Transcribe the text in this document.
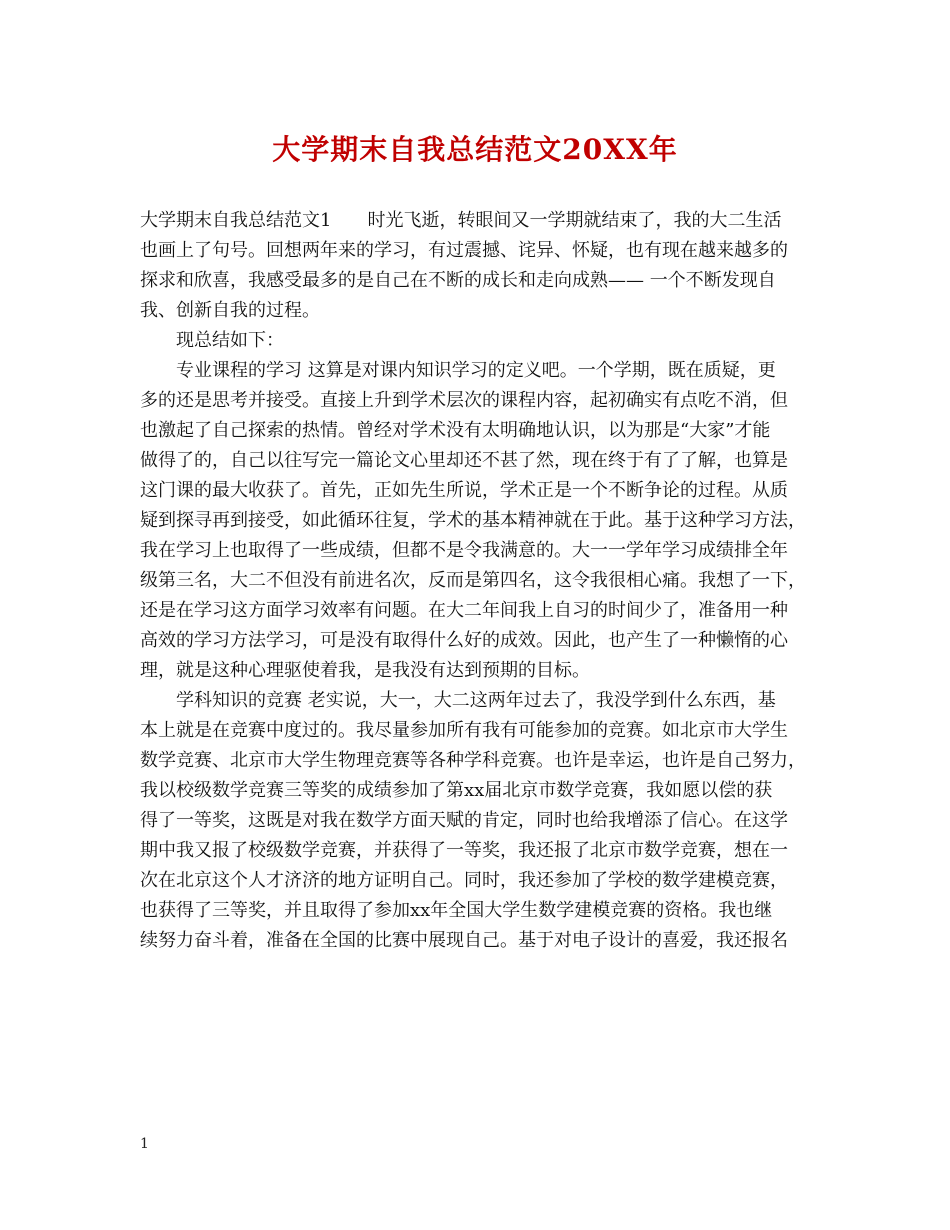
大学期末自我总结范文20XX年
大学期末自我总结范文1　　时光飞逝，转眼间又一学期就结束了，我的大二生活
也画上了句号。回想两年来的学习，有过震撼、诧异、怀疑，也有现在越来越多的
探求和欣喜，我感受最多的是自己在不断的成长和走向成熟—— 一个不断发现自
我、创新自我的过程。
现总结如下：
专业课程的学习 这算是对课内知识学习的定义吧。一个学期，既在质疑，更
多的还是思考并接受。直接上升到学术层次的课程内容，起初确实有点吃不消，但
也激起了自己探索的热情。曾经对学术没有太明确地认识，以为那是“大家”才能
做得了的，自己以往写完一篇论文心里却还不甚了然，现在终于有了了解，也算是
这门课的最大收获了。首先，正如先生所说，学术正是一个不断争论的过程。从质
疑到探寻再到接受，如此循环往复，学术的基本精神就在于此。基于这种学习方法，
我在学习上也取得了一些成绩，但都不是令我满意的。大一一学年学习成绩排全年
级第三名，大二不但没有前进名次，反而是第四名，这令我很相心痛。我想了一下，
还是在学习这方面学习效率有问题。在大二年间我上自习的时间少了，准备用一种
高效的学习方法学习，可是没有取得什么好的成效。因此，也产生了一种懒惰的心
理，就是这种心理驱使着我，是我没有达到预期的目标。
学科知识的竞赛 老实说，大一，大二这两年过去了，我没学到什么东西，基
本上就是在竞赛中度过的。我尽量参加所有我有可能参加的竞赛。如北京市大学生
数学竞赛、北京市大学生物理竞赛等各种学科竞赛。也许是幸运，也许是自己努力，
我以校级数学竞赛三等奖的成绩参加了第xx届北京市数学竞赛，我如愿以偿的获
得了一等奖，这既是对我在数学方面天赋的肯定，同时也给我增添了信心。在这学
期中我又报了校级数学竞赛，并获得了一等奖，我还报了北京市数学竞赛，想在一
次在北京这个人才济济的地方证明自己。同时，我还参加了学校的数学建模竞赛，
也获得了三等奖，并且取得了参加xx年全国大学生数学建模竞赛的资格。我也继
续努力奋斗着，准备在全国的比赛中展现自己。基于对电子设计的喜爱，我还报名
1
